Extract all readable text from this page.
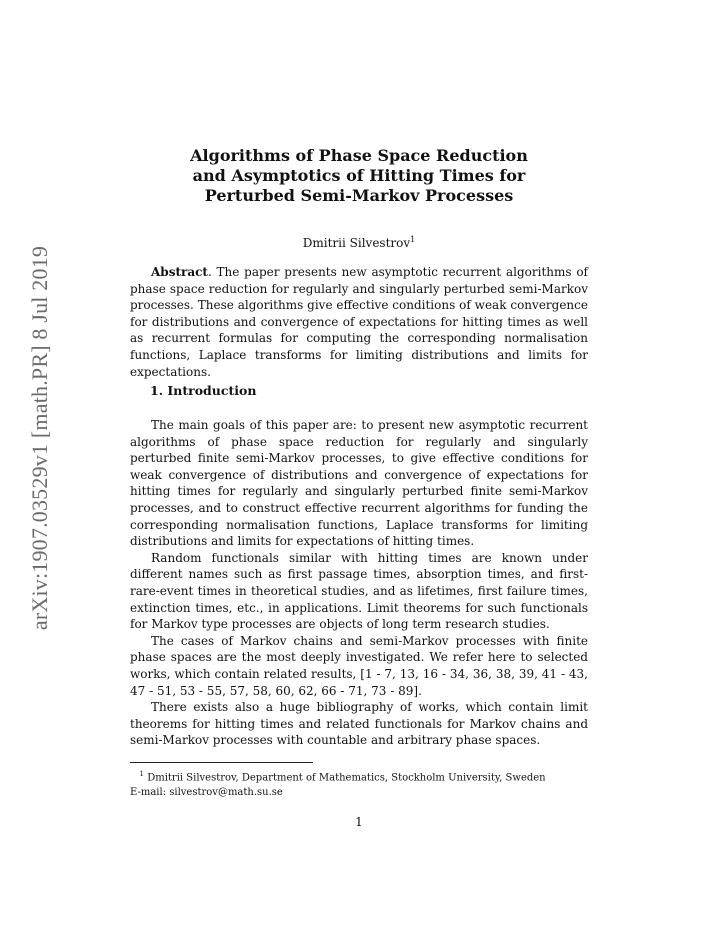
arXiv:1907.03529v1 [math.PR] 8 Jul 2019
Algorithms of Phase Space Reduction
and Asymptotics of Hitting Times for
Perturbed Semi-Markov Processes
Dmitrii Silvestrov$^1$

Abstract. The paper presents new asymptotic recurrent algorithms of phase space reduction for regularly and singularly perturbed semi-Markov processes. These algorithms give effective conditions of weak convergence for distributions and convergence of expectations for hitting times as well as recurrent formulas for computing the corresponding normalisation functions, Laplace transforms for limiting distributions and limits for expectations.

1. Introduction

The main goals of this paper are: to present new asymptotic recurrent algorithms of phase space reduction for regularly and singularly perturbed finite semi-Markov processes, to give effective conditions for weak convergence of distributions and convergence of expectations for hitting times for regularly and singularly perturbed finite semi-Markov processes, and to construct effective recurrent algorithms for funding the corresponding normalisation functions, Laplace transforms for limiting distributions and limits for expectations of hitting times.

Random functionals similar with hitting times are known under different names such as first passage times, absorption times, and first-rare-event times in theoretical studies, and as lifetimes, first failure times, extinction times, etc., in applications. Limit theorems for such functionals for Markov type processes are objects of long term research studies.

The cases of Markov chains and semi-Markov processes with finite phase spaces are the most deeply investigated. We refer here to selected works, which contain related results, [1 - 7, 13, 16 - 34, 36, 38, 39, 41 - 43, 47 - 51, 53 - 55, 57, 58, 60, 62, 66 - 71, 73 - 89].

There exists also a huge bibliography of works, which contain limit theorems for hitting times and related functionals for Markov chains and semi-Markov processes with countable and arbitrary phase spaces.

$^1$ Dmitrii Silvestrov, Department of Mathematics, Stockholm University, Sweden
E-mail: silvestrov@math.su.se
1
